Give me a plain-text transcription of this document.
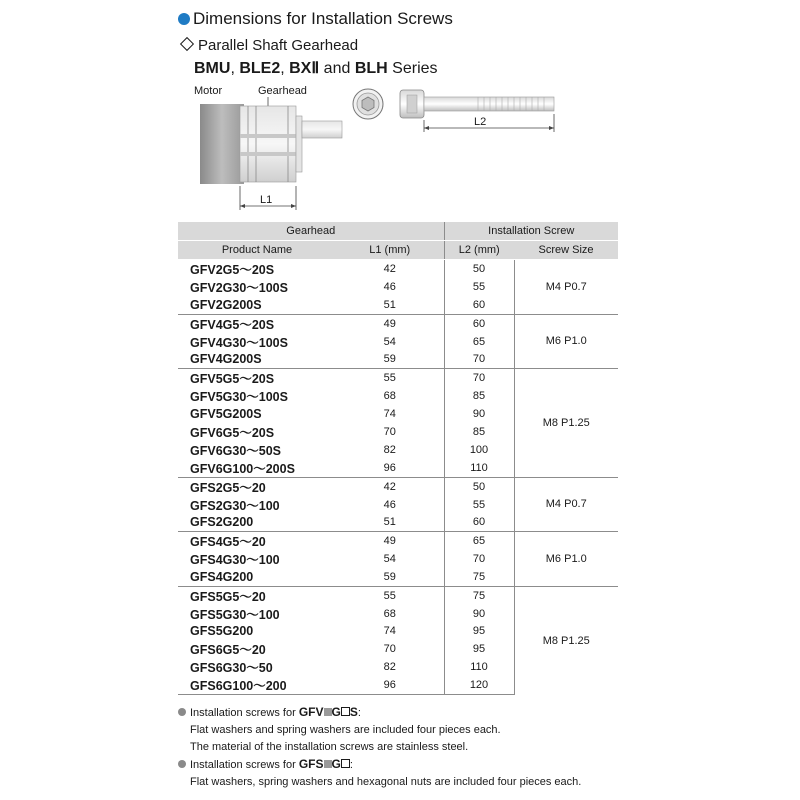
Dimensions for Installation Screws
Parallel Shaft Gearhead
BMU, BLE2, BXⅡ and BLH Series
Motor	Gearhead
L1
L2
Gearhead		Installation Screw	
Product Name	L1 (mm)	L2 (mm)	Screw Size
GFV2G5～20S	42	50	M4 P0.7
GFV2G30～100S	46	55	
GFV2G200S	51	60	
GFV4G5～20S	49	60	M6 P1.0
GFV4G30～100S	54	65	
GFV4G200S	59	70	
GFV5G5～20S	55	70	M8 P1.25
GFV5G30～100S	68	85	
GFV5G200S	74	90	
GFV6G5～20S	70	85	
GFV6G30～50S	82	100	
GFV6G100～200S	96	110	
GFS2G5～20	42	50	M4 P0.7
GFS2G30～100	46	55	
GFS2G200	51	60	
GFS4G5～20	49	65	M6 P1.0
GFS4G30～100	54	70	
GFS4G200	59	75	
GFS5G5～20	55	75	M8 P1.25
GFS5G30～100	68	90	
GFS5G200	74	95	
GFS6G5～20	70	95	
GFS6G30～50	82	110	
GFS6G100～200	96	120	
Installation screws for GFV G S:
Flat washers and spring washers are included four pieces each.
The material of the installation screws are stainless steel.
Installation screws for GFS G :
Flat washers, spring washers and hexagonal nuts are included four pieces each.
